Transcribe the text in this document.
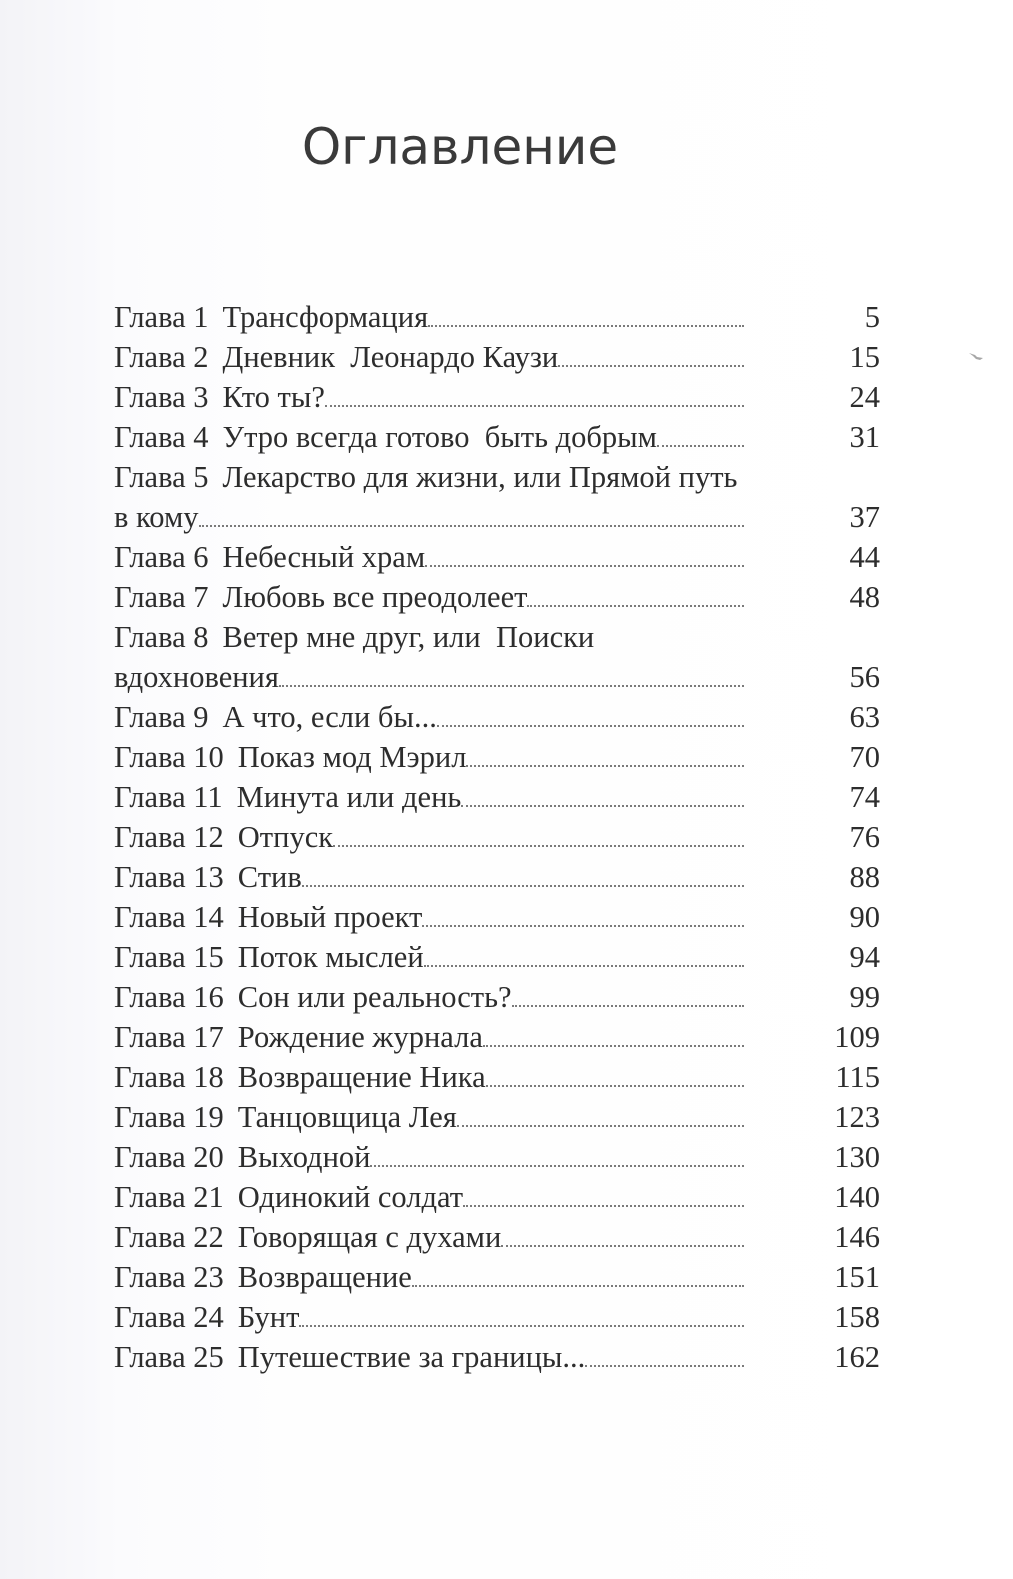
Оглавление
Глава 1 Трансформация	5
Глава 2 Дневник  Леонардо Каузи	15
Глава 3 Кто ты?	24
Глава 4 Утро всегда готово  быть добрым	31
Глава 5 Лекарство для жизни, или Прямой путь
в кому	37
Глава 6 Небесный храм	44
Глава 7 Любовь все преодолеет	48
Глава 8 Ветер мне друг, или  Поиски
вдохновения	56
Глава 9 А что, если бы...	63
Глава 10 Показ мод Мэрил	70
Глава 11 Минута или день	74
Глава 12 Отпуск	76
Глава 13 Стив	88
Глава 14 Новый проект	90
Глава 15 Поток мыслей	94
Глава 16 Сон или реальность?	99
Глава 17 Рождение журнала	109
Глава 18 Возвращение Ника	115
Глава 19 Танцовщица Лея	123
Глава 20 Выходной	130
Глава 21 Одинокий солдат	140
Глава 22 Говорящая с духами	146
Глава 23 Возвращение	151
Глава 24 Бунт	158
Глава 25 Путешествие за границы...	162
